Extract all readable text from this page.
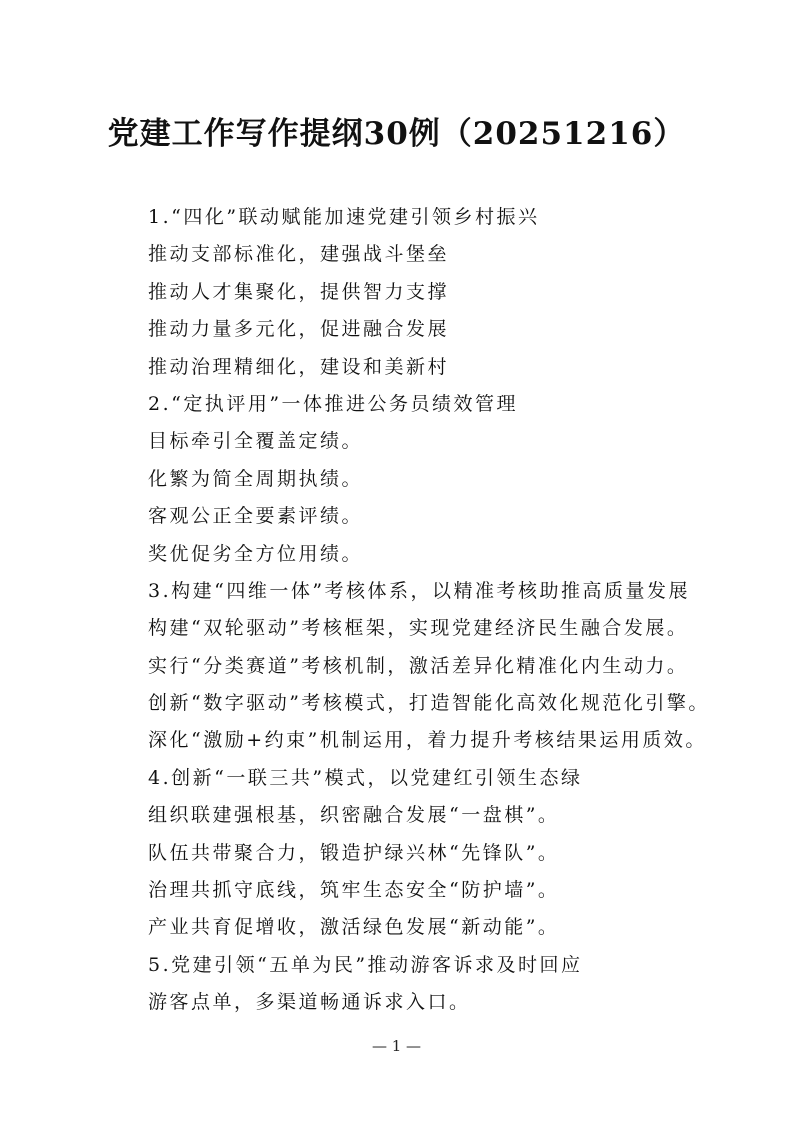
党建工作写作提纲30例（20251216）
1.“四化”联动赋能加速党建引领乡村振兴
推动支部标准化，建强战斗堡垒
推动人才集聚化，提供智力支撑
推动力量多元化，促进融合发展
推动治理精细化，建设和美新村
2.“定执评用”一体推进公务员绩效管理
目标牵引全覆盖定绩。
化繁为简全周期执绩。
客观公正全要素评绩。
奖优促劣全方位用绩。
3.构建“四维一体”考核体系，以精准考核助推高质量发展
构建“双轮驱动”考核框架，实现党建经济民生融合发展。
实行“分类赛道”考核机制，激活差异化精准化内生动力。
创新“数字驱动”考核模式，打造智能化高效化规范化引擎。
深化“激励+约束”机制运用，着力提升考核结果运用质效。
4.创新“一联三共”模式，以党建红引领生态绿
组织联建强根基，织密融合发展“一盘棋”。
队伍共带聚合力，锻造护绿兴林“先锋队”。
治理共抓守底线，筑牢生态安全“防护墙”。
产业共育促增收，激活绿色发展“新动能”。
5.党建引领“五单为民”推动游客诉求及时回应
游客点单，多渠道畅通诉求入口。
— 1 —
